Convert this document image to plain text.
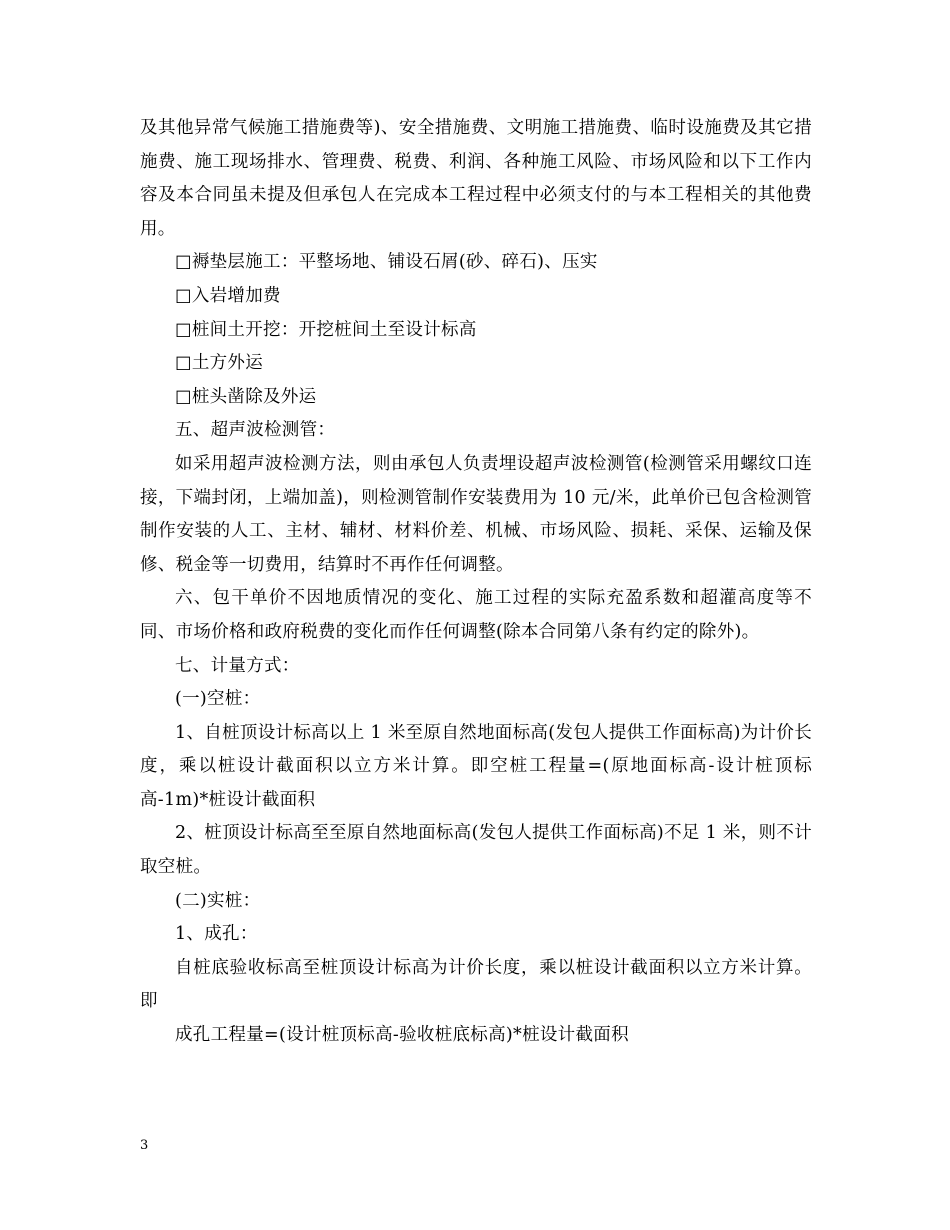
及其他异常气候施工措施费等)、安全措施费、文明施工措施费、临时设施费及其它措施费、施工现场排水、管理费、税费、利润、各种施工风险、市场风险和以下工作内容及本合同虽未提及但承包人在完成本工程过程中必须支付的与本工程相关的其他费用。

□褥垫层施工：平整场地、铺设石屑(砂、碎石)、压实

□入岩增加费

□桩间土开挖：开挖桩间土至设计标高

□土方外运

□桩头凿除及外运

五、超声波检测管：

如采用超声波检测方法，则由承包人负责埋设超声波检测管(检测管采用螺纹口连接，下端封闭，上端加盖)，则检测管制作安装费用为 10 元/米，此单价已包含检测管制作安装的人工、主材、辅材、材料价差、机械、市场风险、损耗、采保、运输及保修、税金等一切费用，结算时不再作任何调整。

六、包干单价不因地质情况的变化、施工过程的实际充盈系数和超灌高度等不同、市场价格和政府税费的变化而作任何调整(除本合同第八条有约定的除外)。

七、计量方式：

(一)空桩：

1、自桩顶设计标高以上 1 米至原自然地面标高(发包人提供工作面标高)为计价长度，乘以桩设计截面积以立方米计算。即空桩工程量=(原地面标高-设计桩顶标高-1m)*桩设计截面积

2、桩顶设计标高至至原自然地面标高(发包人提供工作面标高)不足 1 米，则不计取空桩。

(二)实桩：

1、成孔：

自桩底验收标高至桩顶设计标高为计价长度，乘以桩设计截面积以立方米计算。即

成孔工程量=(设计桩顶标高-验收桩底标高)*桩设计截面积

3
